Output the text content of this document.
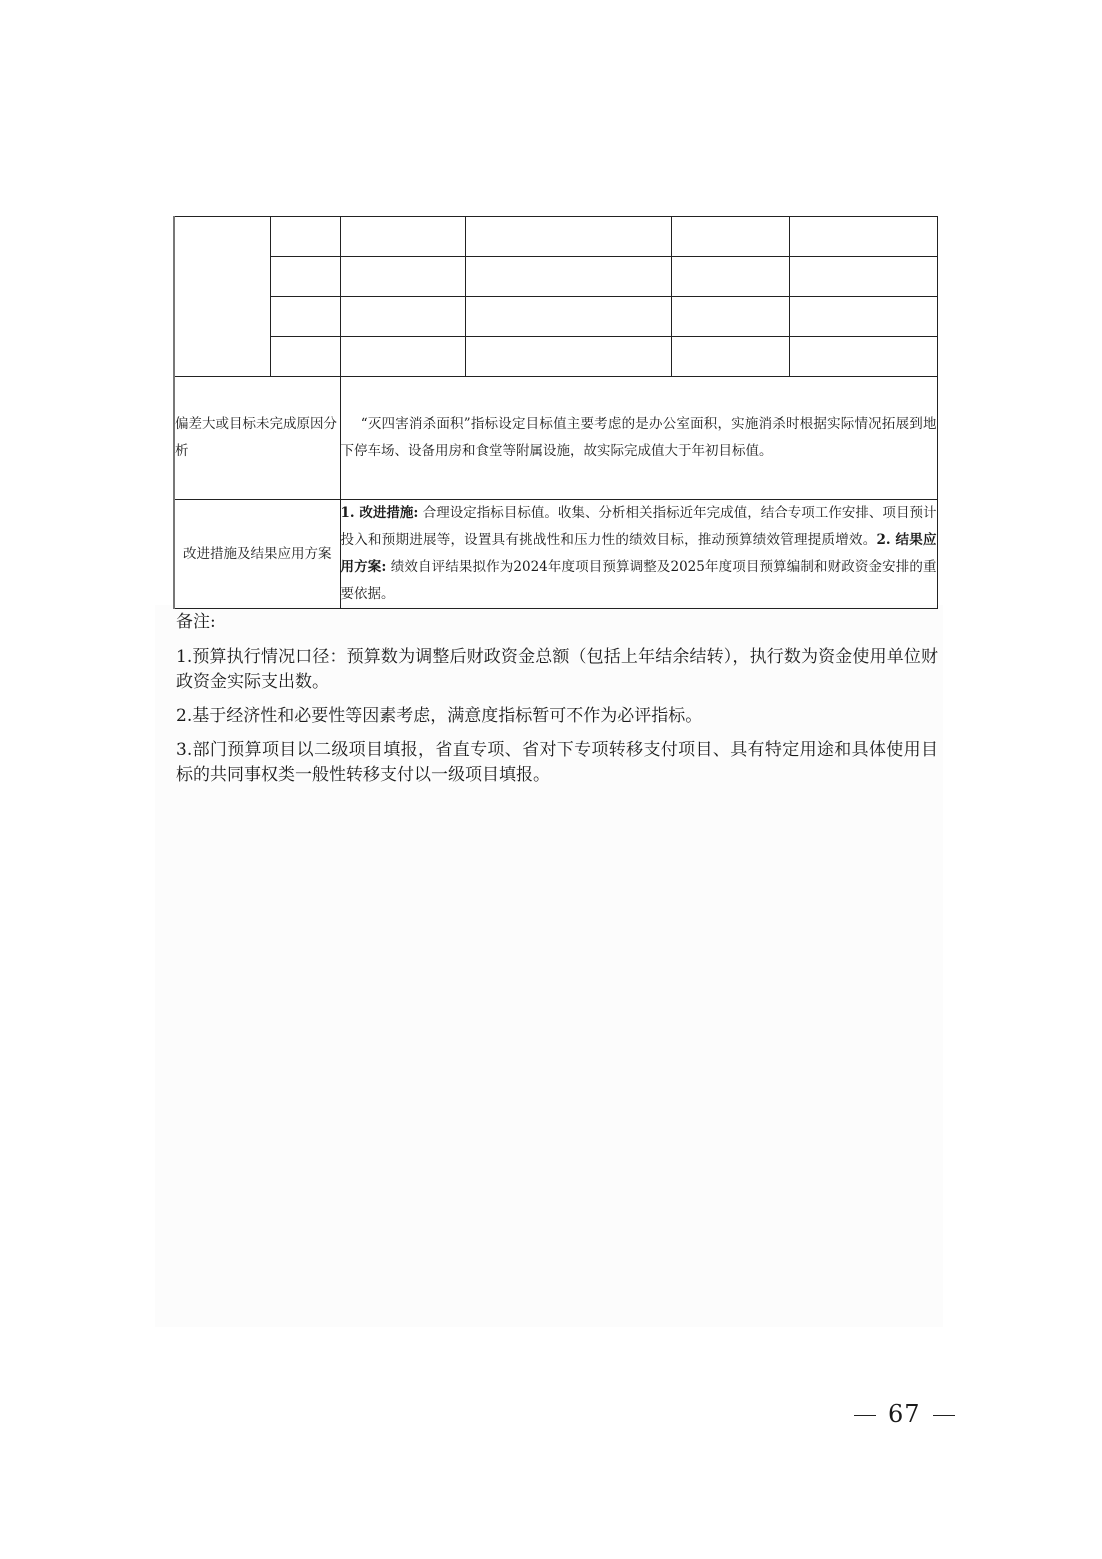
偏差大或目标未完成原因分析		“灭四害消杀面积”指标设定目标值主要考虑的是办公室面积，实施消杀时根据实际情况拓展到地下停车场、设备用房和食堂等附属设施，故实际完成值大于年初目标值。			
改进措施及结果应用方案		1. 改进措施: 合理设定指标目标值。收集、分析相关指标近年完成值，结合专项工作安排、项目预计投入和预期进展等，设置具有挑战性和压力性的绩效目标，推动预算绩效管理提质增效。2. 结果应用方案: 绩效自评结果拟作为2024年度项目预算调整及2025年度项目预算编制和财政资金安排的重要依据。			

备注:

1.预算执行情况口径：预算数为调整后财政资金总额（包括上年结余结转），执行数为资金使用单位财政资金实际支出数。

2.基于经济性和必要性等因素考虑，满意度指标暂可不作为必评指标。

3.部门预算项目以二级项目填报，省直专项、省对下专项转移支付项目、具有特定用途和具体使用目标的共同事权类一般性转移支付以一级项目填报。

67
